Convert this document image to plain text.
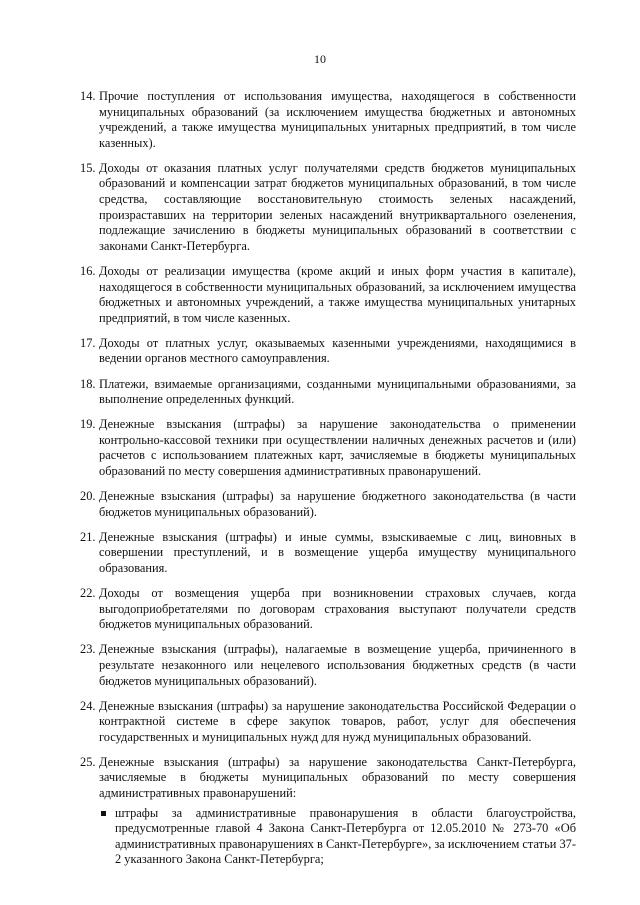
10
14. Прочие поступления от использования имущества, находящегося в собственности муниципальных образований (за исключением имущества бюджетных и автономных учреждений, а также имущества муниципальных унитарных предприятий, в том числе казенных).
15. Доходы от оказания платных услуг получателями средств бюджетов муниципальных образований и компенсации затрат бюджетов муниципальных образований, в том числе средства, составляющие восстановительную стоимость зеленых насаждений, произраставших на территории зеленых насаждений внутриквартального озеленения, подлежащие зачислению в бюджеты муниципальных образований в соответствии с законами Санкт-Петербурга.
16. Доходы от реализации имущества (кроме акций и иных форм участия в капитале), находящегося в собственности муниципальных образований, за исключением имущества бюджетных и автономных учреждений, а также имущества муниципальных унитарных предприятий, в том числе казенных.
17. Доходы от платных услуг, оказываемых казенными учреждениями, находящимися в ведении органов местного самоуправления.
18. Платежи, взимаемые организациями, созданными муниципальными образованиями, за выполнение определенных функций.
19. Денежные взыскания (штрафы) за нарушение законодательства о применении контрольно-кассовой техники при осуществлении наличных денежных расчетов и (или) расчетов с использованием платежных карт, зачисляемые в бюджеты муниципальных образований по месту совершения административных правонарушений.
20. Денежные взыскания (штрафы) за нарушение бюджетного законодательства (в части бюджетов муниципальных образований).
21. Денежные взыскания (штрафы) и иные суммы, взыскиваемые с лиц, виновных в совершении преступлений, и в возмещение ущерба имуществу муниципального образования.
22. Доходы от возмещения ущерба при возникновении страховых случаев, когда выгодоприобретателями по договорам страхования выступают получатели средств бюджетов муниципальных образований.
23. Денежные взыскания (штрафы), налагаемые в возмещение ущерба, причиненного в результате незаконного или нецелевого использования бюджетных средств (в части бюджетов муниципальных образований).
24. Денежные взыскания (штрафы) за нарушение законодательства Российской Федерации о контрактной системе в сфере закупок товаров, работ, услуг для обеспечения государственных и муниципальных нужд для нужд муниципальных образований.
25. Денежные взыскания (штрафы) за нарушение законодательства Санкт-Петербурга, зачисляемые в бюджеты муниципальных образований по месту совершения административных правонарушений:
штрафы за административные правонарушения в области благоустройства, предусмотренные главой 4 Закона Санкт-Петербурга от 12.05.2010 № 273-70 «Об административных правонарушениях в Санкт-Петербурге», за исключением статьи 37-2 указанного Закона Санкт-Петербурга;
